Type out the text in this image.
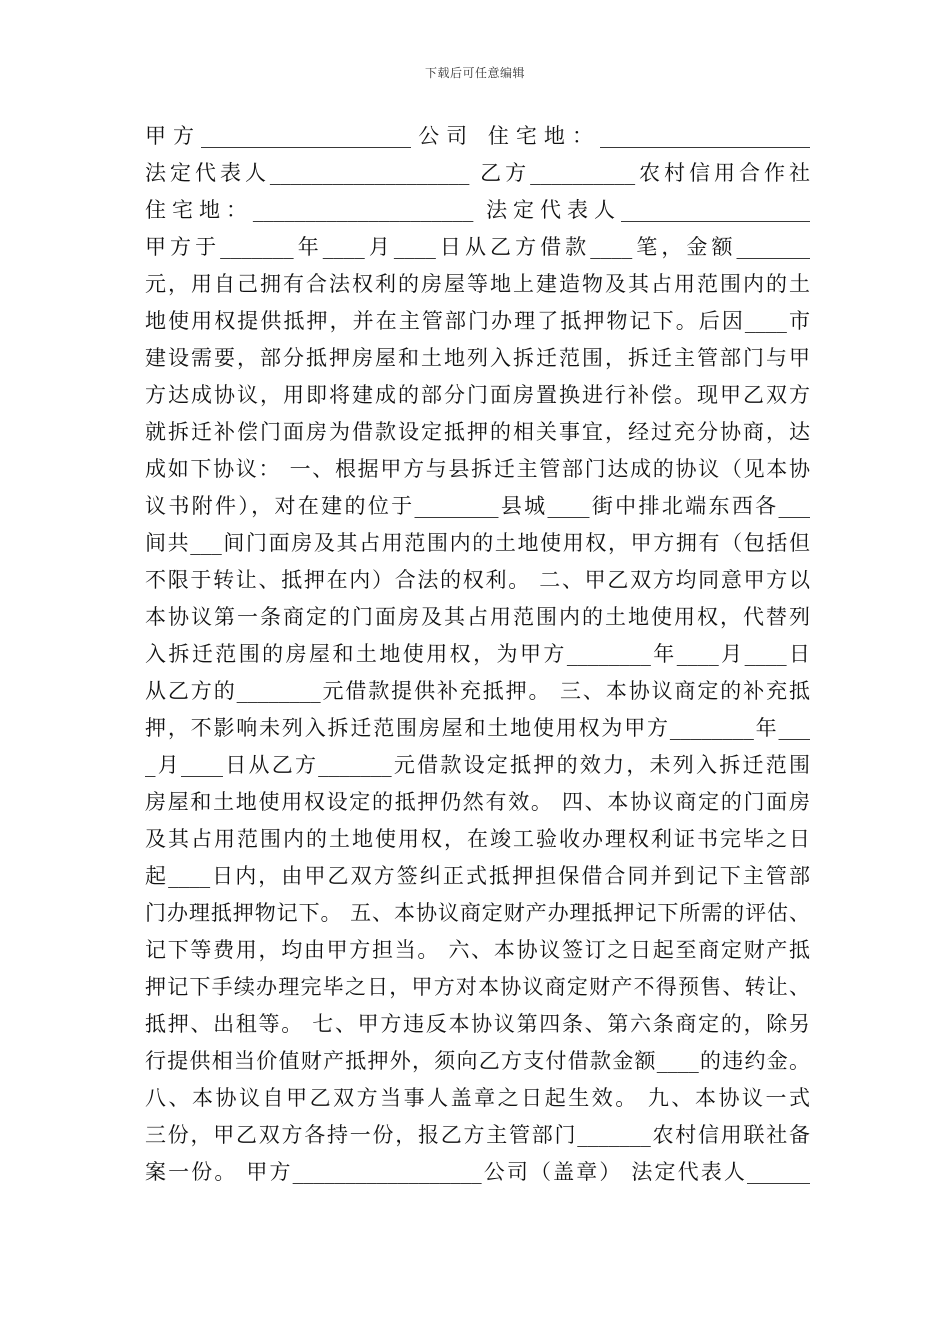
下载后可任意编辑
甲方____________________公司 住宅地：____________________
法定代表人___________________ 乙方__________农村信用合作社
住宅地：_____________________ 法定代表人__________________
甲方于_______年____月____日从乙方借款____笔，金额_______
元，用自己拥有合法权利的房屋等地上建造物及其占用范围内的土
地使用权提供抵押，并在主管部门办理了抵押物记下。后因____市
建设需要，部分抵押房屋和土地列入拆迁范围，拆迁主管部门与甲
方达成协议，用即将建成的部分门面房置换进行补偿。现甲乙双方
就拆迁补偿门面房为借款设定抵押的相关事宜，经过充分协商，达
成如下协议： 一、根据甲方与县拆迁主管部门达成的协议（见本协
议书附件），对在建的位于________县城____街中排北端东西各___
间共___间门面房及其占用范围内的土地使用权，甲方拥有（包括但
不限于转让、抵押在内）合法的权利。 二、甲乙双方均同意甲方以
本协议第一条商定的门面房及其占用范围内的土地使用权，代替列
入拆迁范围的房屋和土地使用权，为甲方________年____月____日
从乙方的________元借款提供补充抵押。 三、本协议商定的补充抵
押，不影响未列入拆迁范围房屋和土地使用权为甲方________年___
_月____日从乙方_______元借款设定抵押的效力，未列入拆迁范围
房屋和土地使用权设定的抵押仍然有效。 四、本协议商定的门面房
及其占用范围内的土地使用权，在竣工验收办理权利证书完毕之日
起____日内，由甲乙双方签纠正式抵押担保借合同并到记下主管部
门办理抵押物记下。 五、本协议商定财产办理抵押记下所需的评估、
记下等费用，均由甲方担当。 六、本协议签订之日起至商定财产抵
押记下手续办理完毕之日，甲方对本协议商定财产不得预售、转让、
抵押、出租等。 七、甲方违反本协议第四条、第六条商定的，除另
行提供相当价值财产抵押外，须向乙方支付借款金额____的违约金。
八、本协议自甲乙双方当事人盖章之日起生效。 九、本协议一式
三份，甲乙双方各持一份，报乙方主管部门_______农村信用联社备
案一份。 甲方__________________公司（盖章） 法定代表人______
